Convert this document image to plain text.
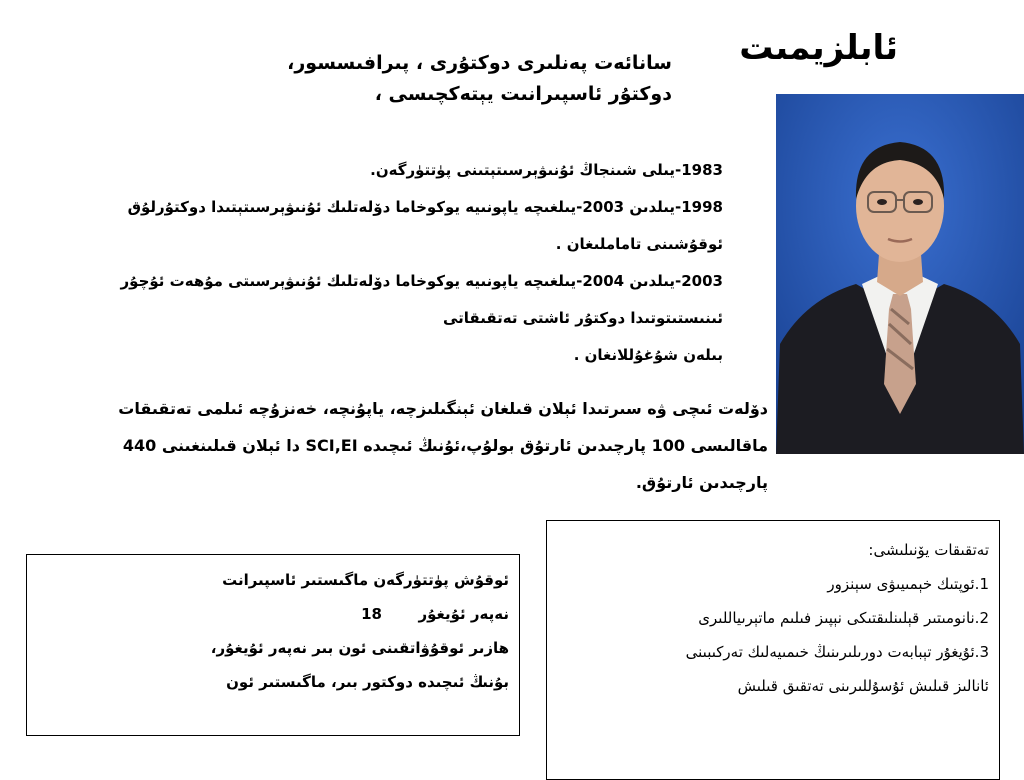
ئابلزيمىت
سانائەت پەنلىرى دوكتۇرى ، پىرافىسسور،
دوكتۇر ئاسپىرانىت يېتەكچىسى ،
1983-يىلى شىنجاڭ ئۇنىۋېرسىتېتىنى پۈتتۈرگەن.
1998-يىلدىن 2003-يىلغىچە ياپونىيە يوكوخاما دۆلەتلىك ئۇنىۋېرسىتېتىدا دوكتۇرلۇق
ئوقۇشىنى تاماملىغان .
2003-يىلدىن 2004-يىلغىچە ياپونىيە يوكوخاما دۆلەتلىك ئۇنىۋېرسىتى مۇھەت ئۇچۇر
ئىنىستىتوتىدا دوكتۇر ئاشتى تەتقىقاتى
بىلەن شۇغۇللانغان .
دۆلەت ئىچى ۋە سىرتىدا ئېلان قىلغان ئېنگىلىزچە، ياپۇنچە، خەنزۇچە ئىلمى تەتقىقات
ماقالىسى 100 پارچىدىن ئارتۇق بولۇپ،ئۇنىڭ ئىچىدە SCI,EI دا ئېلان قىلىنغىنى 440
پارچىدىن ئارتۇق.
ئوقۇش پۈتتۈرگەن ماگىستىر ئاسپىرانت
نەپەر ئۇيغۇر       18
ھازىر ئوقۇۋاتقىنى ئون بىر نەپەر ئۇيغۇر،
بۇنىڭ ئىچىدە دوكتور بىر، ماگىستىر ئون
تەتقىقات يۆنىلىشى:
1.ئوپتىك خېمىيىۋى سېنزور
2.نانومىتىر قېلىنلىقتىكى نېپىز فىلىم ماتېرىياللىرى
3.ئۇيغۇر تېبابەت دورىلىرىنىڭ خىمىيەلىك تەركىبىنى
ئانالىز قىلىش ئۇسۇللىرىنى تەتقىق قىلىش
